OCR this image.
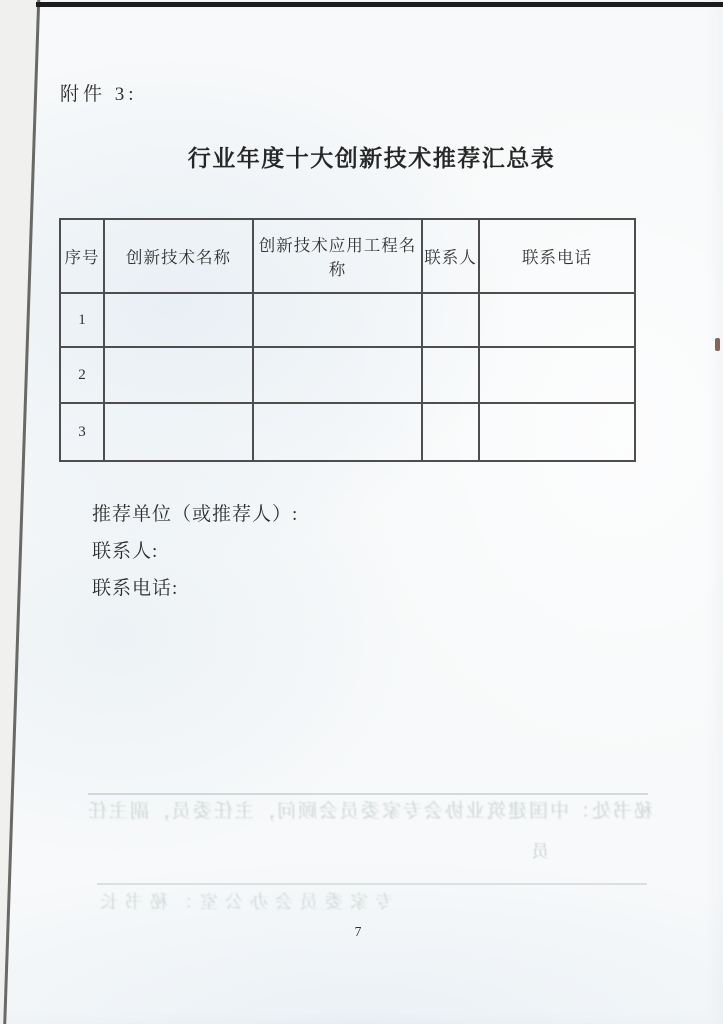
附件 3:
行业年度十大创新技术推荐汇总表
序号	创新技术名称	创新技术应用工程名称	联系人	联系电话
1				
2				
3				
推荐单位（或推荐人）:
联系人:
联系电话:
秘书处：中国建筑业协会专家委员会顾问，主任委员，副主任
员
专家委员会办公室：秘书长
7
